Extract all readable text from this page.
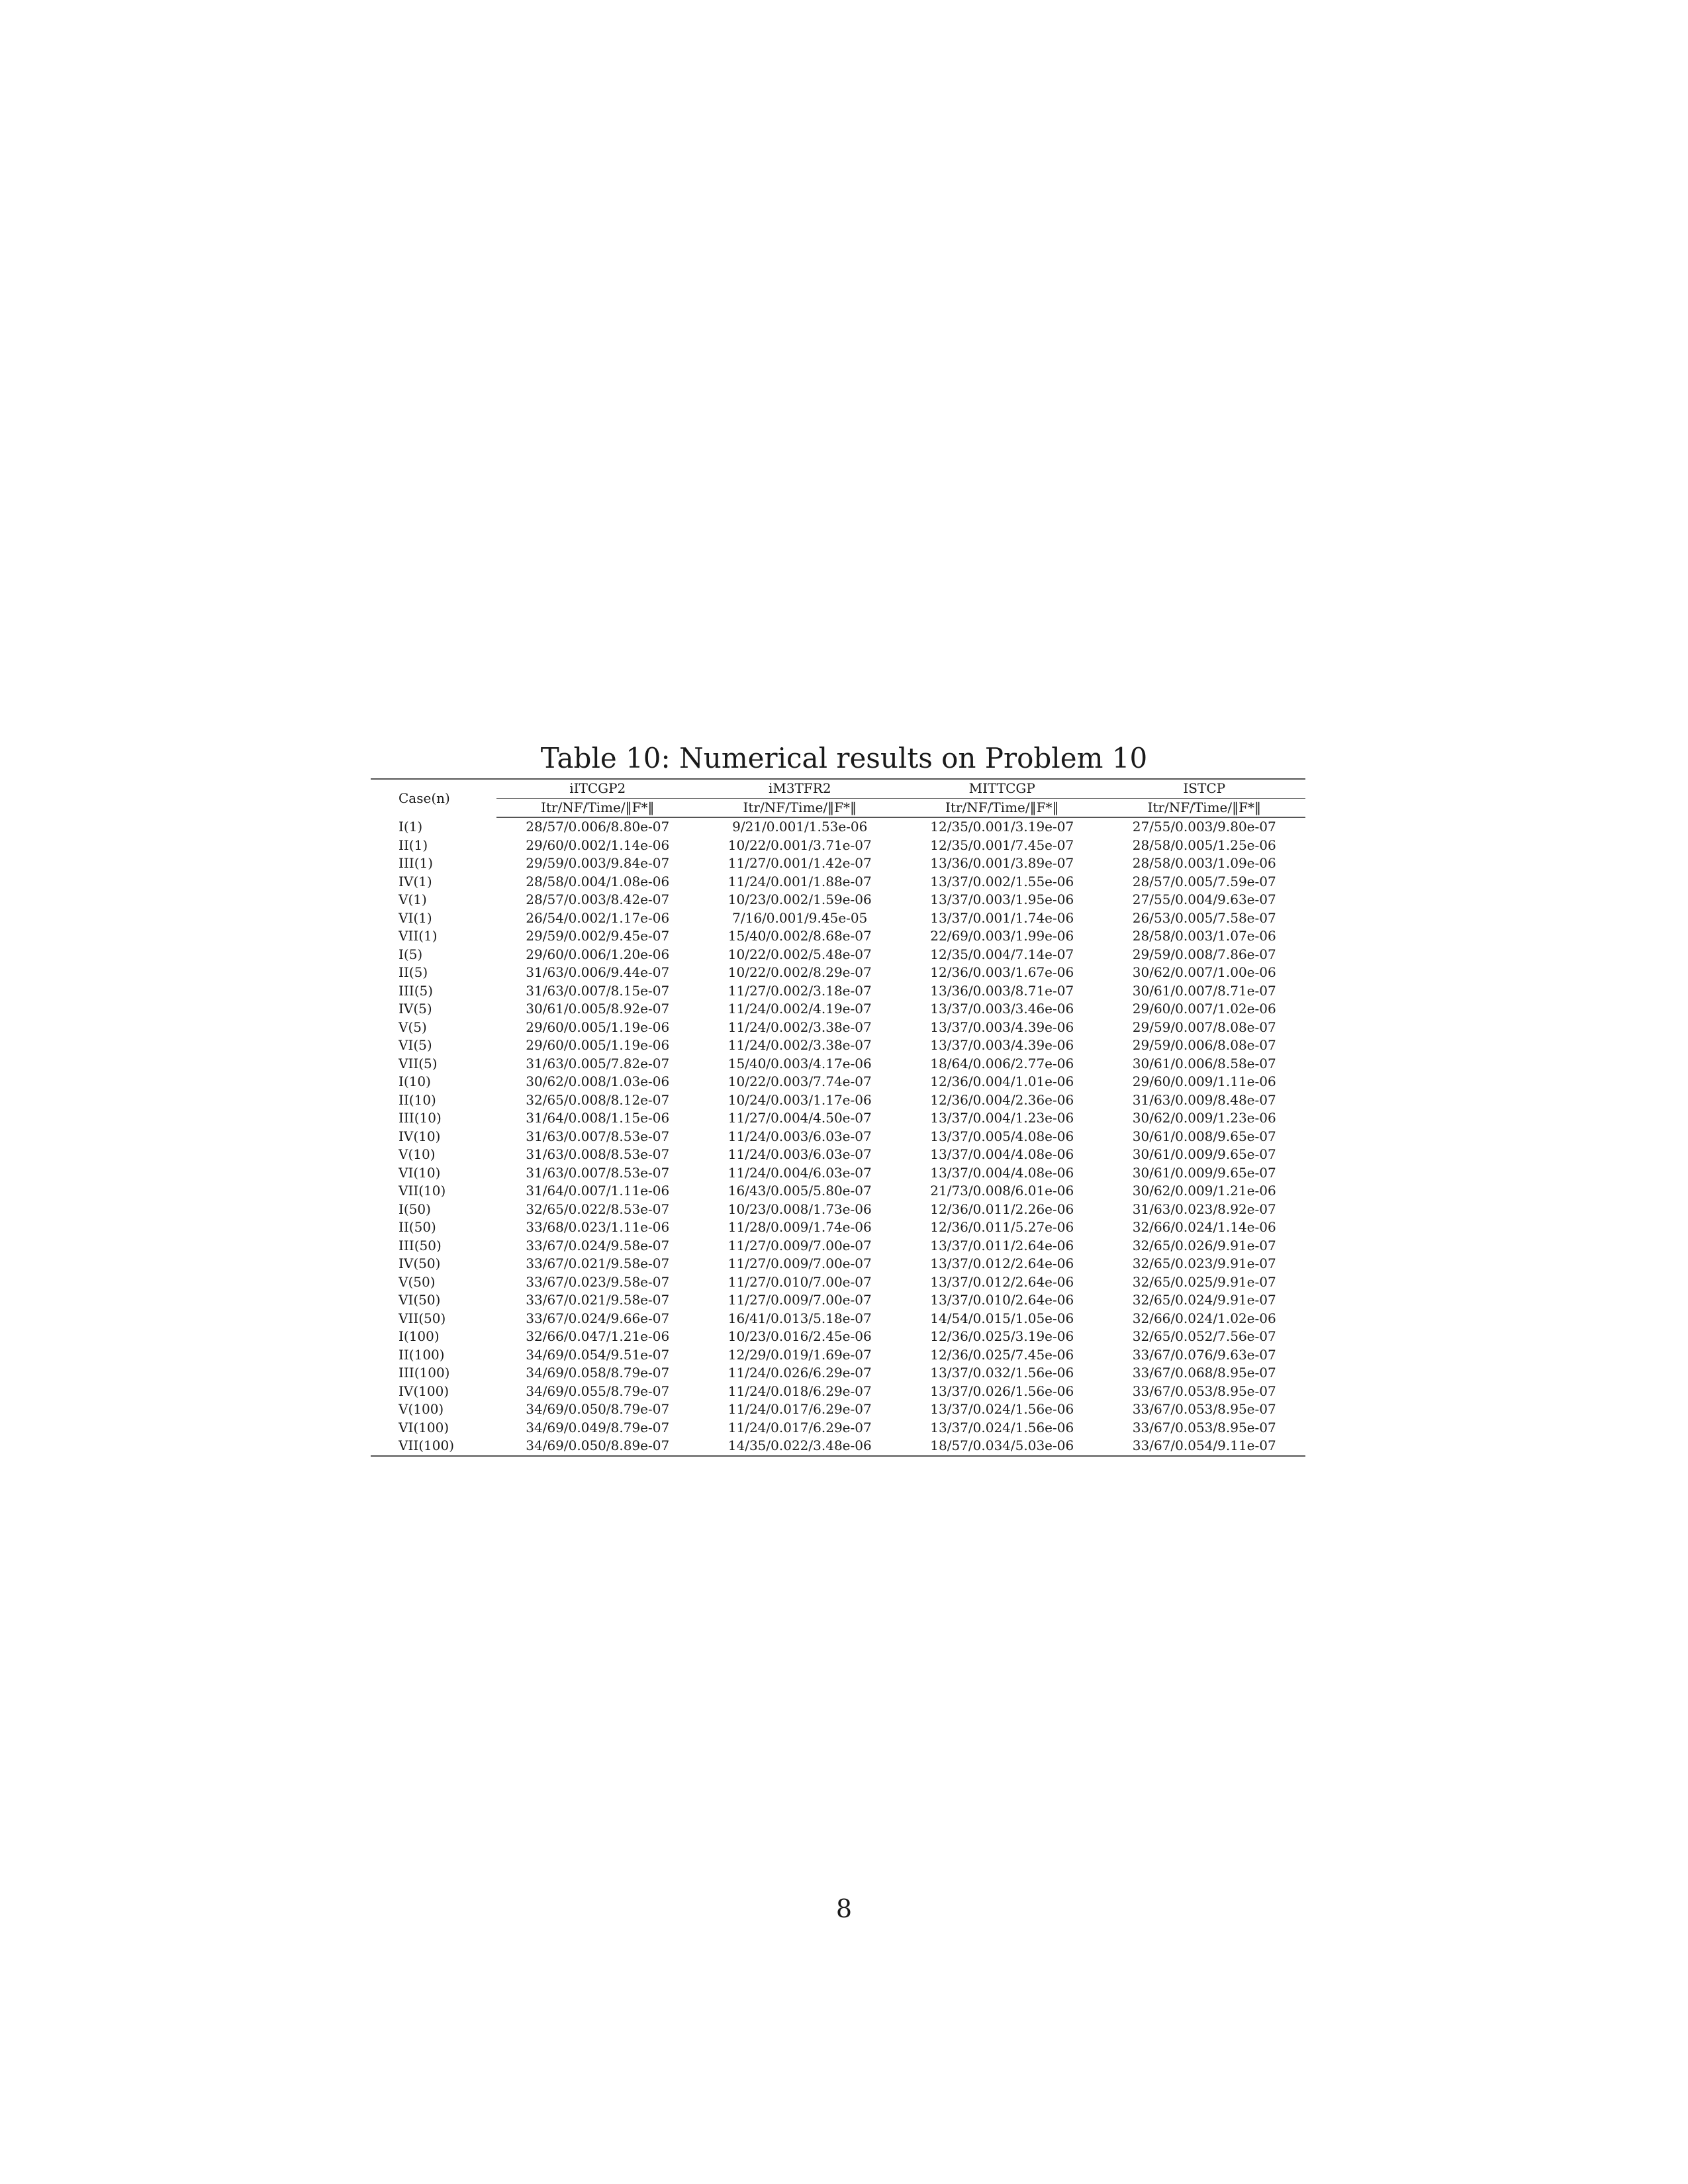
Table 10: Numerical results on Problem 10
Case(n)	iITCGP2	iM3TFR2	MITTCGP	ISTCP
	Itr/NF/Time/‖F*‖	Itr/NF/Time/‖F*‖	Itr/NF/Time/‖F*‖	Itr/NF/Time/‖F*‖
I(1)	28/57/0.006/8.80e-07	9/21/0.001/1.53e-06	12/35/0.001/3.19e-07	27/55/0.003/9.80e-07
II(1)	29/60/0.002/1.14e-06	10/22/0.001/3.71e-07	12/35/0.001/7.45e-07	28/58/0.005/1.25e-06
III(1)	29/59/0.003/9.84e-07	11/27/0.001/1.42e-07	13/36/0.001/3.89e-07	28/58/0.003/1.09e-06
IV(1)	28/58/0.004/1.08e-06	11/24/0.001/1.88e-07	13/37/0.002/1.55e-06	28/57/0.005/7.59e-07
V(1)	28/57/0.003/8.42e-07	10/23/0.002/1.59e-06	13/37/0.003/1.95e-06	27/55/0.004/9.63e-07
VI(1)	26/54/0.002/1.17e-06	7/16/0.001/9.45e-05	13/37/0.001/1.74e-06	26/53/0.005/7.58e-07
VII(1)	29/59/0.002/9.45e-07	15/40/0.002/8.68e-07	22/69/0.003/1.99e-06	28/58/0.003/1.07e-06
I(5)	29/60/0.006/1.20e-06	10/22/0.002/5.48e-07	12/35/0.004/7.14e-07	29/59/0.008/7.86e-07
II(5)	31/63/0.006/9.44e-07	10/22/0.002/8.29e-07	12/36/0.003/1.67e-06	30/62/0.007/1.00e-06
III(5)	31/63/0.007/8.15e-07	11/27/0.002/3.18e-07	13/36/0.003/8.71e-07	30/61/0.007/8.71e-07
IV(5)	30/61/0.005/8.92e-07	11/24/0.002/4.19e-07	13/37/0.003/3.46e-06	29/60/0.007/1.02e-06
V(5)	29/60/0.005/1.19e-06	11/24/0.002/3.38e-07	13/37/0.003/4.39e-06	29/59/0.007/8.08e-07
VI(5)	29/60/0.005/1.19e-06	11/24/0.002/3.38e-07	13/37/0.003/4.39e-06	29/59/0.006/8.08e-07
VII(5)	31/63/0.005/7.82e-07	15/40/0.003/4.17e-06	18/64/0.006/2.77e-06	30/61/0.006/8.58e-07
I(10)	30/62/0.008/1.03e-06	10/22/0.003/7.74e-07	12/36/0.004/1.01e-06	29/60/0.009/1.11e-06
II(10)	32/65/0.008/8.12e-07	10/24/0.003/1.17e-06	12/36/0.004/2.36e-06	31/63/0.009/8.48e-07
III(10)	31/64/0.008/1.15e-06	11/27/0.004/4.50e-07	13/37/0.004/1.23e-06	30/62/0.009/1.23e-06
IV(10)	31/63/0.007/8.53e-07	11/24/0.003/6.03e-07	13/37/0.005/4.08e-06	30/61/0.008/9.65e-07
V(10)	31/63/0.008/8.53e-07	11/24/0.003/6.03e-07	13/37/0.004/4.08e-06	30/61/0.009/9.65e-07
VI(10)	31/63/0.007/8.53e-07	11/24/0.004/6.03e-07	13/37/0.004/4.08e-06	30/61/0.009/9.65e-07
VII(10)	31/64/0.007/1.11e-06	16/43/0.005/5.80e-07	21/73/0.008/6.01e-06	30/62/0.009/1.21e-06
I(50)	32/65/0.022/8.53e-07	10/23/0.008/1.73e-06	12/36/0.011/2.26e-06	31/63/0.023/8.92e-07
II(50)	33/68/0.023/1.11e-06	11/28/0.009/1.74e-06	12/36/0.011/5.27e-06	32/66/0.024/1.14e-06
III(50)	33/67/0.024/9.58e-07	11/27/0.009/7.00e-07	13/37/0.011/2.64e-06	32/65/0.026/9.91e-07
IV(50)	33/67/0.021/9.58e-07	11/27/0.009/7.00e-07	13/37/0.012/2.64e-06	32/65/0.023/9.91e-07
V(50)	33/67/0.023/9.58e-07	11/27/0.010/7.00e-07	13/37/0.012/2.64e-06	32/65/0.025/9.91e-07
VI(50)	33/67/0.021/9.58e-07	11/27/0.009/7.00e-07	13/37/0.010/2.64e-06	32/65/0.024/9.91e-07
VII(50)	33/67/0.024/9.66e-07	16/41/0.013/5.18e-07	14/54/0.015/1.05e-06	32/66/0.024/1.02e-06
I(100)	32/66/0.047/1.21e-06	10/23/0.016/2.45e-06	12/36/0.025/3.19e-06	32/65/0.052/7.56e-07
II(100)	34/69/0.054/9.51e-07	12/29/0.019/1.69e-07	12/36/0.025/7.45e-06	33/67/0.076/9.63e-07
III(100)	34/69/0.058/8.79e-07	11/24/0.026/6.29e-07	13/37/0.032/1.56e-06	33/67/0.068/8.95e-07
IV(100)	34/69/0.055/8.79e-07	11/24/0.018/6.29e-07	13/37/0.026/1.56e-06	33/67/0.053/8.95e-07
V(100)	34/69/0.050/8.79e-07	11/24/0.017/6.29e-07	13/37/0.024/1.56e-06	33/67/0.053/8.95e-07
VI(100)	34/69/0.049/8.79e-07	11/24/0.017/6.29e-07	13/37/0.024/1.56e-06	33/67/0.053/8.95e-07
VII(100)	34/69/0.050/8.89e-07	14/35/0.022/3.48e-06	18/57/0.034/5.03e-06	33/67/0.054/9.11e-07
8
